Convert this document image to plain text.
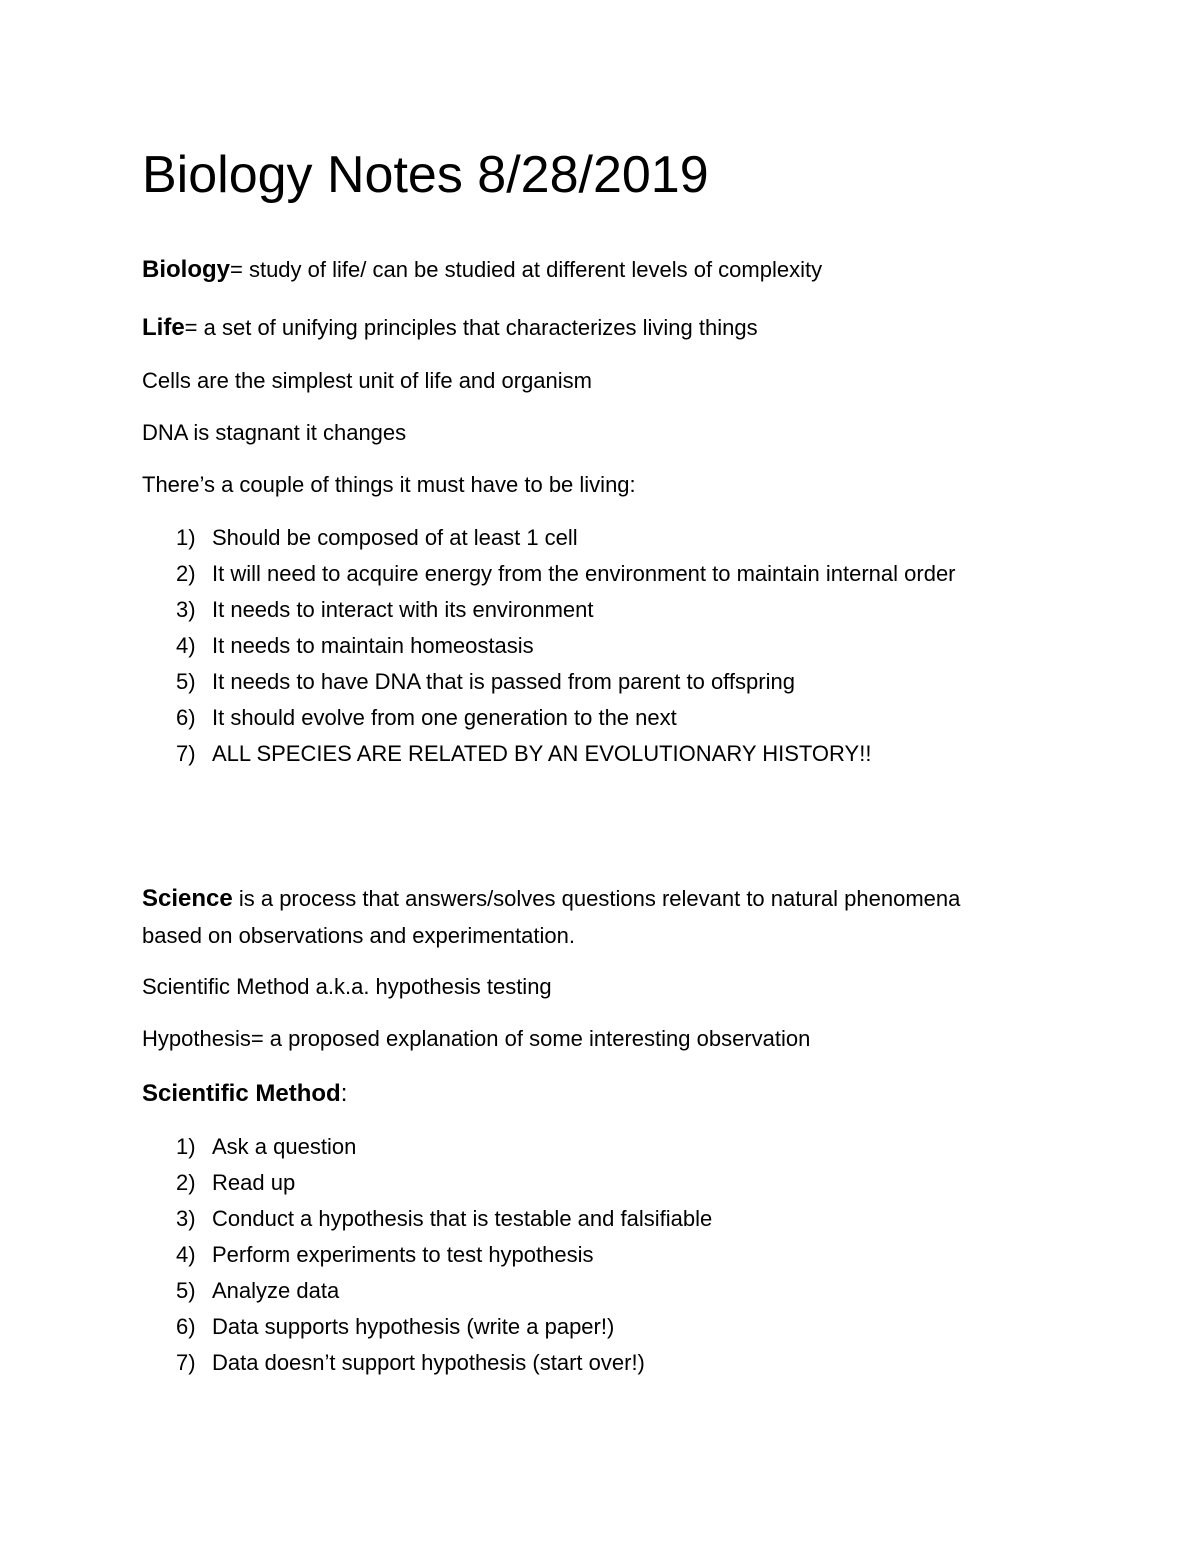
Biology Notes 8/28/2019
Biology= study of life/ can be studied at different levels of complexity
Life= a set of unifying principles that characterizes living things
Cells are the simplest unit of life and organism
DNA is stagnant it changes
There’s a couple of things it must have to be living:
1) Should be composed of at least 1 cell
2) It will need to acquire energy from the environment to maintain internal order
3) It needs to interact with its environment
4) It needs to maintain homeostasis
5) It needs to have DNA that is passed from parent to offspring
6) It should evolve from one generation to the next
7) ALL SPECIES ARE RELATED BY AN EVOLUTIONARY HISTORY!!
Science is a process that answers/solves questions relevant to natural phenomena based on observations and experimentation.
Scientific Method a.k.a. hypothesis testing
Hypothesis= a proposed explanation of some interesting observation
Scientific Method:
1) Ask a question
2) Read up
3) Conduct a hypothesis that is testable and falsifiable
4) Perform experiments to test hypothesis
5) Analyze data
6) Data supports hypothesis (write a paper!)
7) Data doesn’t support hypothesis (start over!)
